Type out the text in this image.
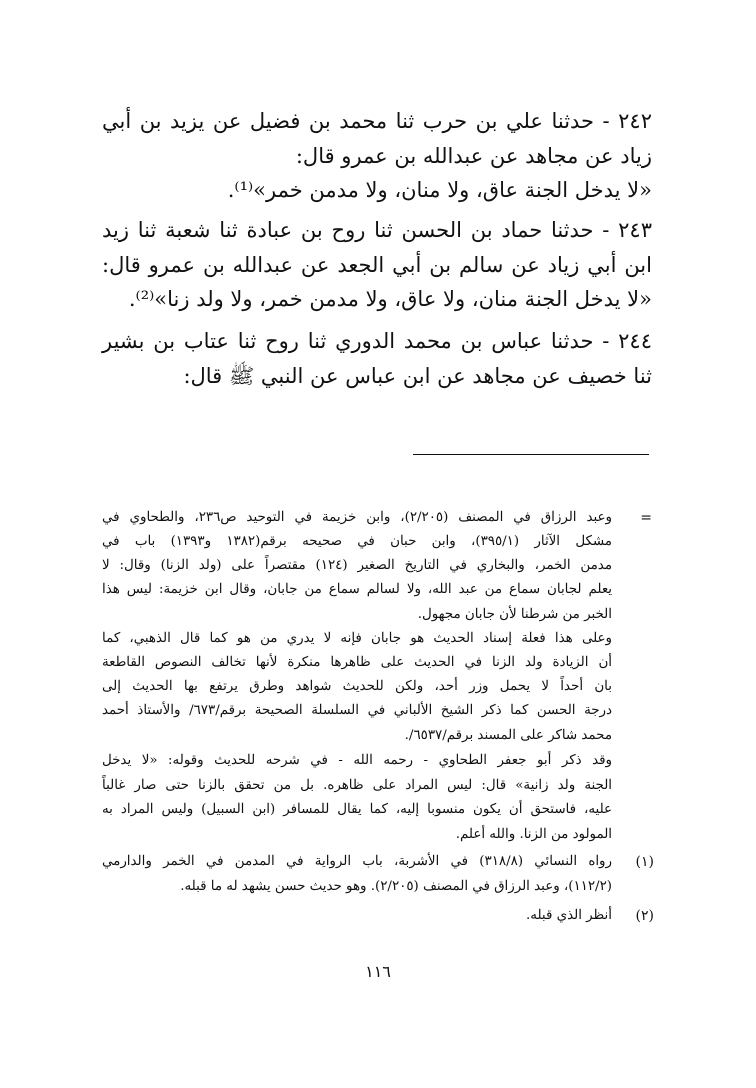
٢٤٢ - حدثنا علي بن حرب ثنا محمد بن فضيل عن يزيد بن أبي
زياد عن مجاهد عن عبدالله بن عمرو قال:
«لا يدخل الجنة عاق، ولا منان، ولا مدمن خمر»⁽¹⁾.
٢٤٣ - حدثنا حماد بن الحسن ثنا روح بن عبادة ثنا شعبة ثنا زيد
ابن أبي زياد عن سالم بن أبي الجعد عن عبدالله بن عمرو قال:
«لا يدخل الجنة منان، ولا عاق، ولا مدمن خمر، ولا ولد زنا»⁽²⁾.
٢٤٤ - حدثنا عباس بن محمد الدوري ثنا روح ثنا عتاب بن بشير
ثنا خصيف عن مجاهد عن ابن عباس عن النبي ﷺ قال:
=
وعبد الرزاق في المصنف (٢/٢٠٥)، وابن خزيمة في التوحيد ص٢٣٦، والطحاوي في
مشكل الآثار (٣٩٥/١)، وابن حبان في صحيحه برقم(١٣٨٢ و١٣٩٣) باب في
مدمن الخمر، والبخاري في التاريخ الصغير (١٢٤) مقتصراً على (ولد الزنا) وقال: لا
يعلم لجابان سماع من عبد الله، ولا لسالم سماع من جابان، وقال ابن خزيمة: ليس هذا
الخبر من شرطنا لأن جابان مجهول.
وعلى هذا فعلة إسناد الحديث هو جابان فإنه لا يدري من هو كما قال الذهبي، كما
أن الزيادة ولد الزنا في الحديث على ظاهرها منكرة لأنها تخالف النصوص القاطعة
بان أحداً لا يحمل وزر أحد، ولكن للحديث شواهد وطرق يرتفع بها الحديث إلى
درجة الحسن كما ذكر الشيخ الألباني في السلسلة الصحيحة برقم/٦٧٣/ والأستاذ أحمد
محمد شاكر على المسند برقم/٦٥٣٧/.
وقد ذكر أبو جعفر الطحاوي - رحمه الله - في شرحه للحديث وقوله: «لا يدخل
الجنة ولد زانية» قال: ليس المراد على ظاهره. بل من تحقق بالزنا حتى صار غالباً
عليه، فاستحق أن يكون منسوبا إليه، كما يقال للمسافر (ابن السبيل) وليس المراد به
المولود من الزنا. والله أعلم.
(١)
رواه النسائي (٣١٨/٨) في الأشربة، باب الرواية في المدمن في الخمر والدارمي
(١١٢/٢)، وعبد الرزاق في المصنف (٢/٢٠٥). وهو حديث حسن يشهد له ما قبله.
(٢)
أنظر الذي قبله.
١١٦
